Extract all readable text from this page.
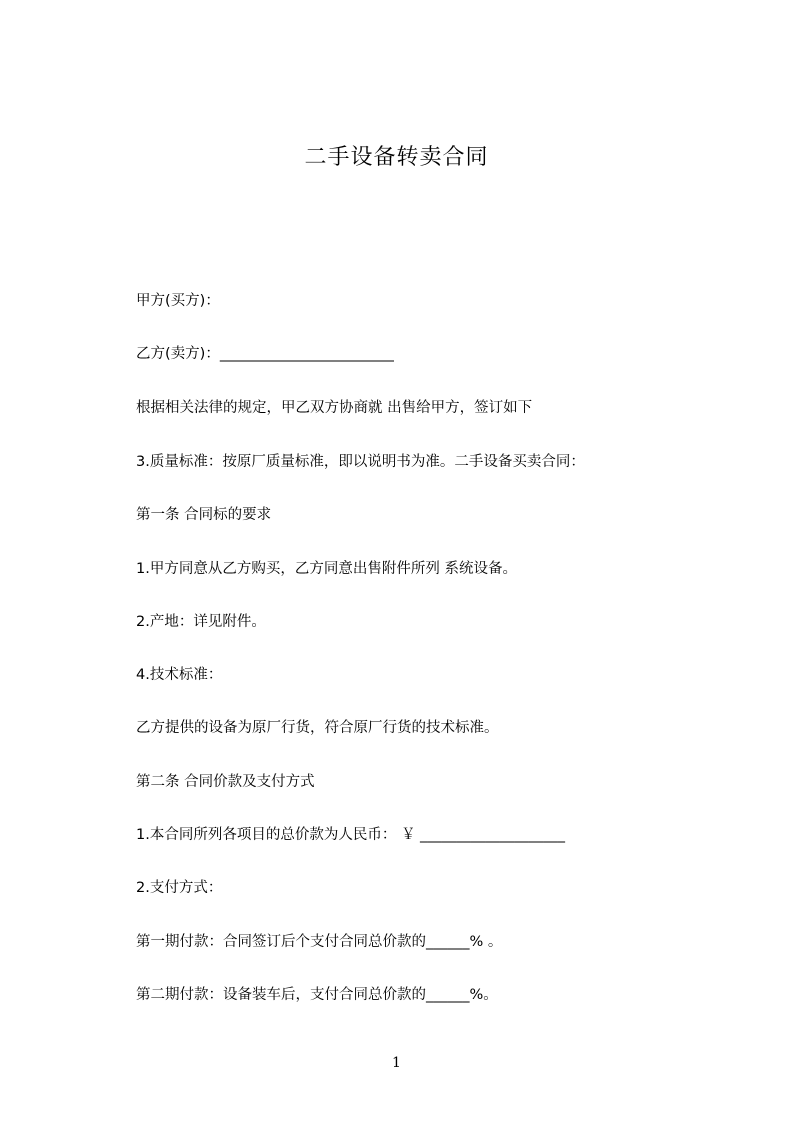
二手设备转卖合同

甲方(买方)：

乙方(卖方)：________________________

根据相关法律的规定，甲乙双方协商就 出售给甲方，签订如下

3.质量标准：按原厂质量标准，即以说明书为准。二手设备买卖合同：

第一条 合同标的要求

1.甲方同意从乙方购买，乙方同意出售附件所列 系统设备。

2.产地：详见附件。

4.技术标准：

乙方提供的设备为原厂行货，符合原厂行货的技术标准。

第二条 合同价款及支付方式

1.本合同所列各项目的总价款为人民币： ￥ ____________________

2.支付方式：

第一期付款：合同签订后个支付合同总价款的______% 。

第二期付款：设备装车后，支付合同总价款的______%。

1
